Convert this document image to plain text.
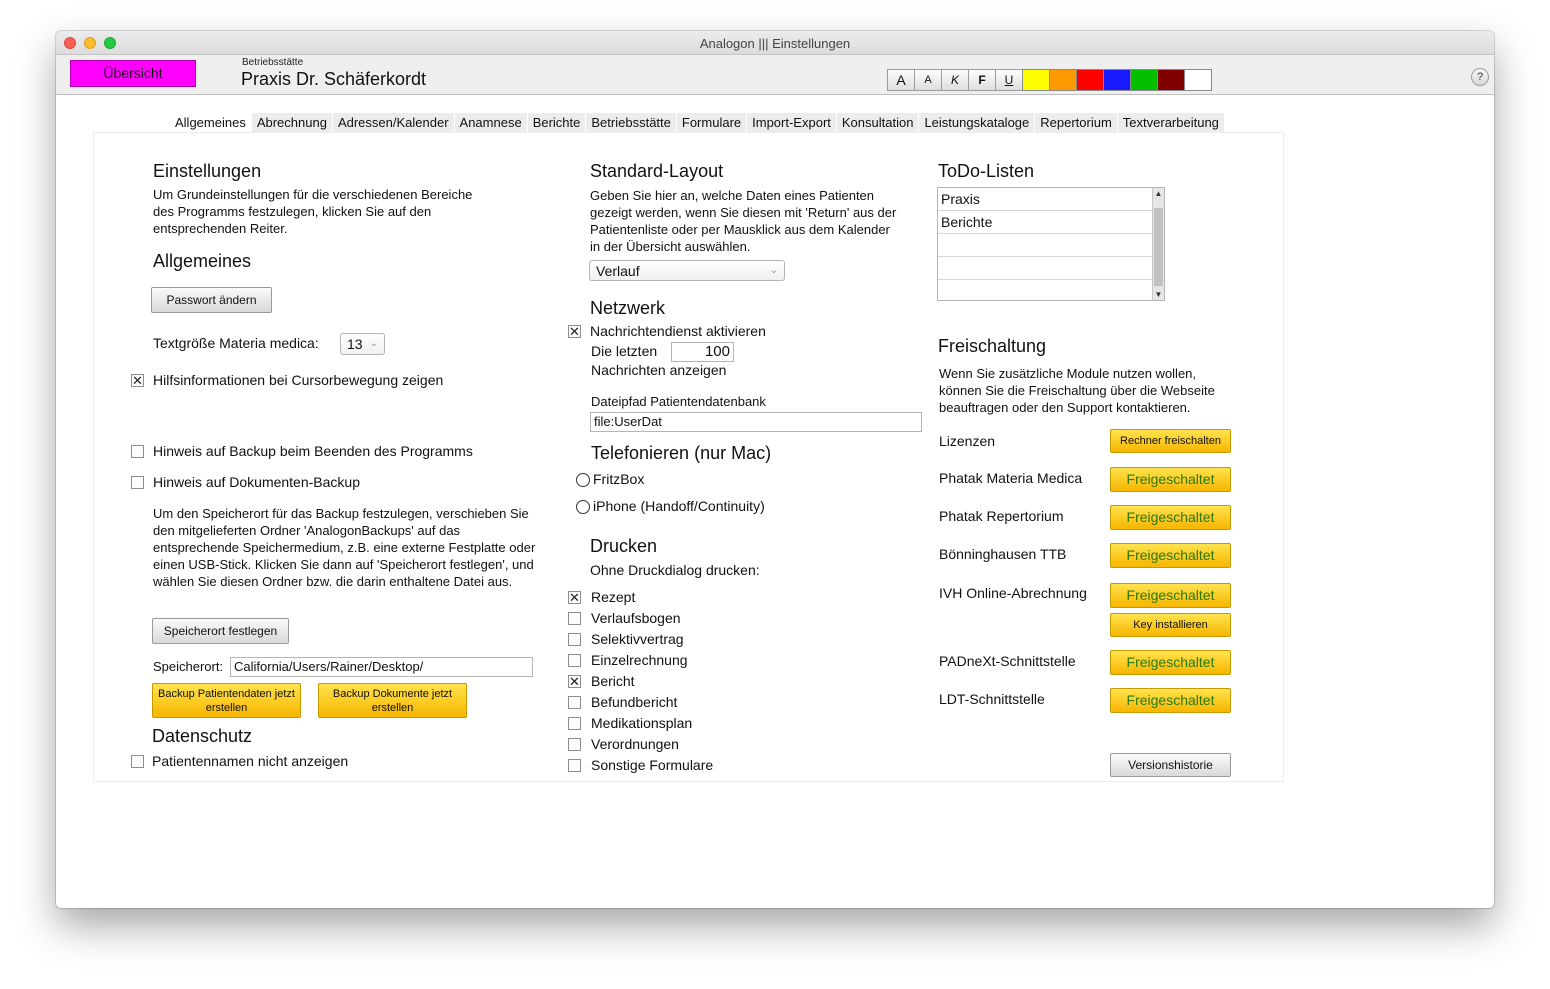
Analogon ||| Einstellungen
Übersicht
Betriebsstätte
Praxis Dr. Schäferkordt	A	A	K	F	U	?
Allgemeines Abrechnung Adressen/Kalender Anamnese Berichte Betriebsstätte Formulare Import-Export Konsultation Leistungskataloge Repertorium Textverarbeitung
Einstellungen
Um Grundeinstellungen für die verschiedenen Bereiche des Programms festzulegen, klicken Sie auf den entsprechenden Reiter.
Allgemeines
Passwort ändern
Textgröße Materia medica:	13 ⌄
✕ Hilfsinformationen bei Cursorbewegung zeigen
Hinweis auf Backup beim Beenden des Programms
Hinweis auf Dokumenten-Backup
Um den Speicherort für das Backup festzulegen, verschieben Sie den mitgelieferten Ordner 'AnalogonBackups' auf das entsprechende Speichermedium, z.B. eine externe Festplatte oder einen USB-Stick. Klicken Sie dann auf 'Speicherort festlegen', und wählen Sie diesen Ordner bzw. die darin enthaltene Datei aus.
Speicherort festlegen
Speicherort: California/Users/Rainer/Desktop/
Backup Patientendaten jetzt erstellen
Backup Dokumente jetzt erstellen
Datenschutz
Patientennamen nicht anzeigen
Standard-Layout
Geben Sie hier an, welche Daten eines Patienten gezeigt werden, wenn Sie diesen mit 'Return' aus der Patientenliste oder per Mausklick aus dem Kalender in der Übersicht auswählen.
Verlauf	⌄
Netzwerk
✕ Nachrichtendienst aktivieren
Die letzten	100
Nachrichten anzeigen
Dateipfad Patientendatenbank
file:UserDat
Telefonieren (nur Mac)
FritzBox
iPhone (Handoff/Continuity)
Drucken
Ohne Druckdialog drucken:
✕ Rezept
Verlaufsbogen
Selektivvertrag
Einzelrechnung
✕ Bericht
Befundbericht
Medikationsplan
Verordnungen
Sonstige Formulare
ToDo-Listen
Praxis
Berichte
▲
▼
Freischaltung
Wenn Sie zusätzliche Module nutzen wollen, können Sie die Freischaltung über die Webseite beauftragen oder den Support kontaktieren.
Lizenzen	Rechner freischalten
Phatak Materia Medica	Freigeschaltet
Phatak Repertorium	Freigeschaltet
Bönninghausen TTB	Freigeschaltet
IVH Online-Abrechnung	Freigeschaltet
Key installieren
PADneXt-Schnittstelle	Freigeschaltet
LDT-Schnittstelle	Freigeschaltet
Versionshistorie
